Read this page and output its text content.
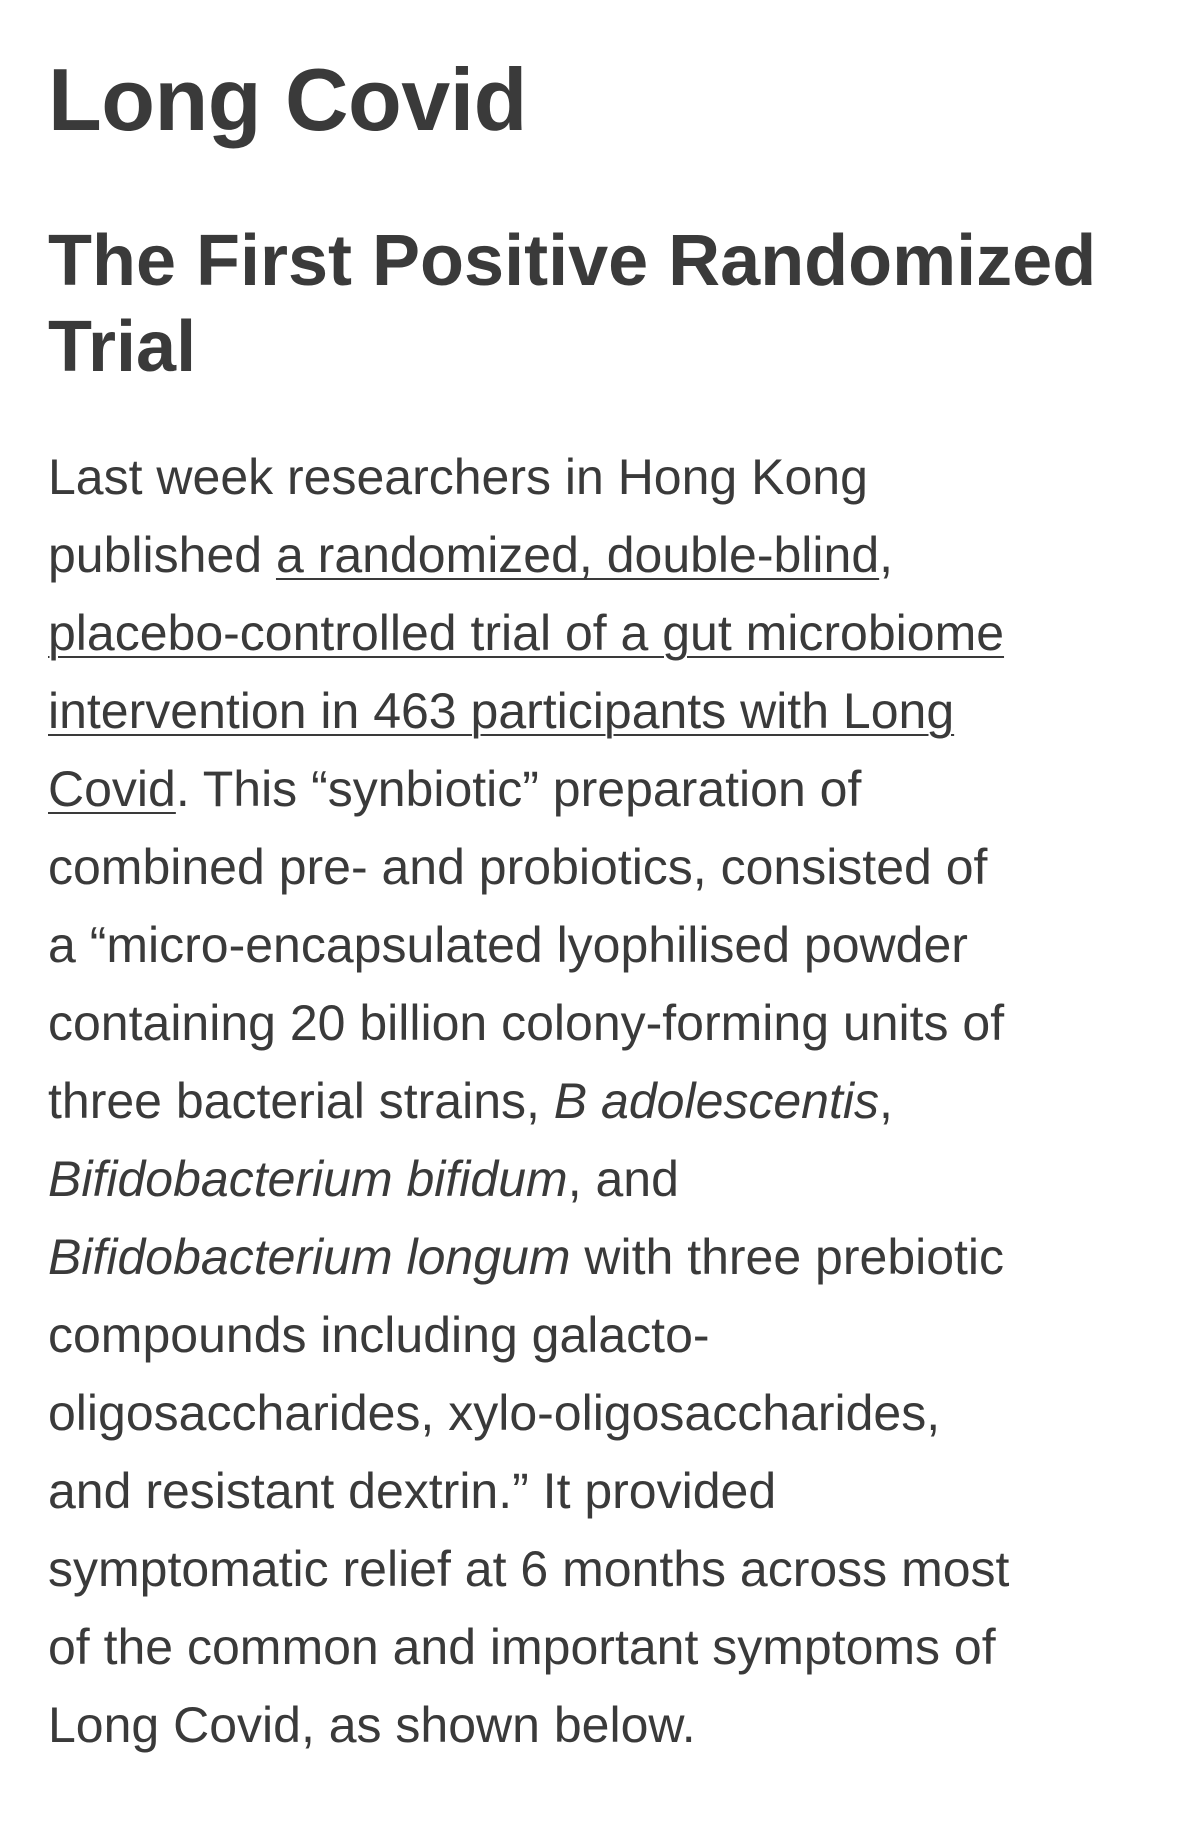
Long Covid
The First Positive Randomized Trial
Last week researchers in Hong Kong
published a randomized, double-blind,
placebo-controlled trial of a gut microbiome
intervention in 463 participants with Long
Covid. This “synbiotic” preparation of
combined pre- and probiotics, consisted of
a “micro-encapsulated lyophilised powder
containing 20 billion colony-forming units of
three bacterial strains, B adolescentis,
Bifidobacterium bifidum, and
Bifidobacterium longum with three prebiotic
compounds including galacto-
oligosaccharides, xylo-oligosaccharides,
and resistant dextrin.” It provided
symptomatic relief at 6 months across most
of the common and important symptoms of
Long Covid, as shown below.
